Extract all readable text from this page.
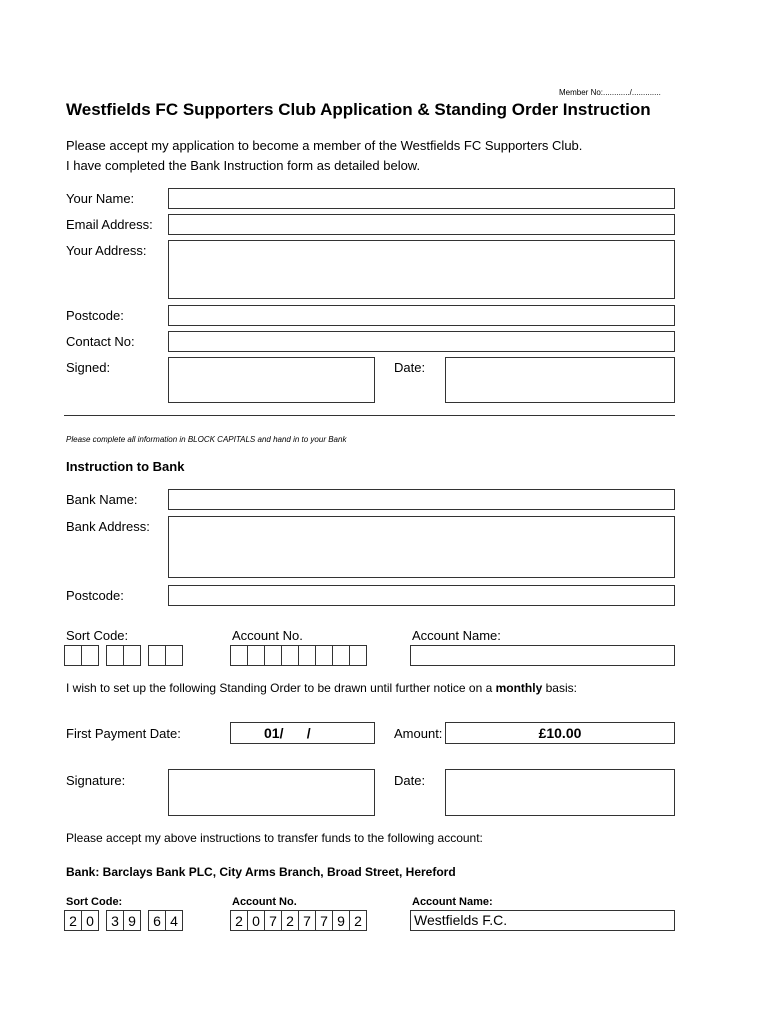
Member No:............/.............
Westfields FC Supporters Club Application & Standing Order Instruction
Please accept my application to become a member of the Westfields FC Supporters Club.
I have completed the Bank Instruction form as detailed below.
Your Name:
Email Address:
Your Address:
Postcode:
Contact No:
Signed:	Date:
Please complete all information in BLOCK CAPITALS and hand in to your Bank
Instruction to Bank
Bank Name:
Bank Address:
Postcode:
Sort Code:	Account No.	Account Name:
I wish to set up the following Standing Order to be drawn until further notice on a monthly basis:
First Payment Date:	01/      /	Amount:	£10.00
Signature:	Date:
Please accept my above instructions to transfer funds to the following account:
Bank: Barclays Bank PLC, City Arms Branch, Broad Street, Hereford
Sort Code:	Account No.	Account Name:
2 0	3 9	6 4	2 0 7 2 7 7 9 2	Westfields F.C.
